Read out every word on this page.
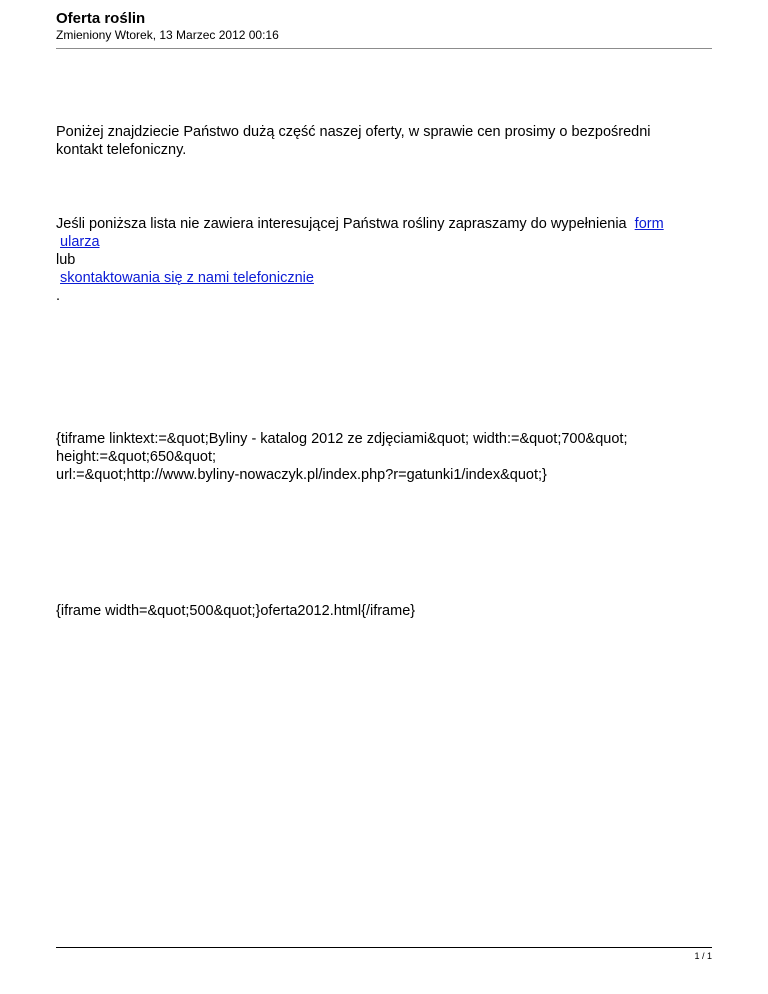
Oferta roślin
Zmieniony Wtorek, 13 Marzec 2012 00:16

Poniżej znajdziecie Państwo dużą część naszej oferty, w sprawie cen prosimy o bezpośredni

kontakt telefoniczny.

Jeśli poniższa lista nie zawiera interesującej Państwa rośliny zapraszamy do wypełnienia form

ularza

lub

skontaktowania się z nami telefonicznie

.

{tiframe linktext:=&quot;Byliny - katalog 2012 ze zdjęciami&quot; width:=&quot;700&quot;

height:=&quot;650&quot;

url:=&quot;http://www.byliny-nowaczyk.pl/index.php?r=gatunki1/index&quot;}

{iframe width=&quot;500&quot;}oferta2012.html{/iframe}

1 / 1
